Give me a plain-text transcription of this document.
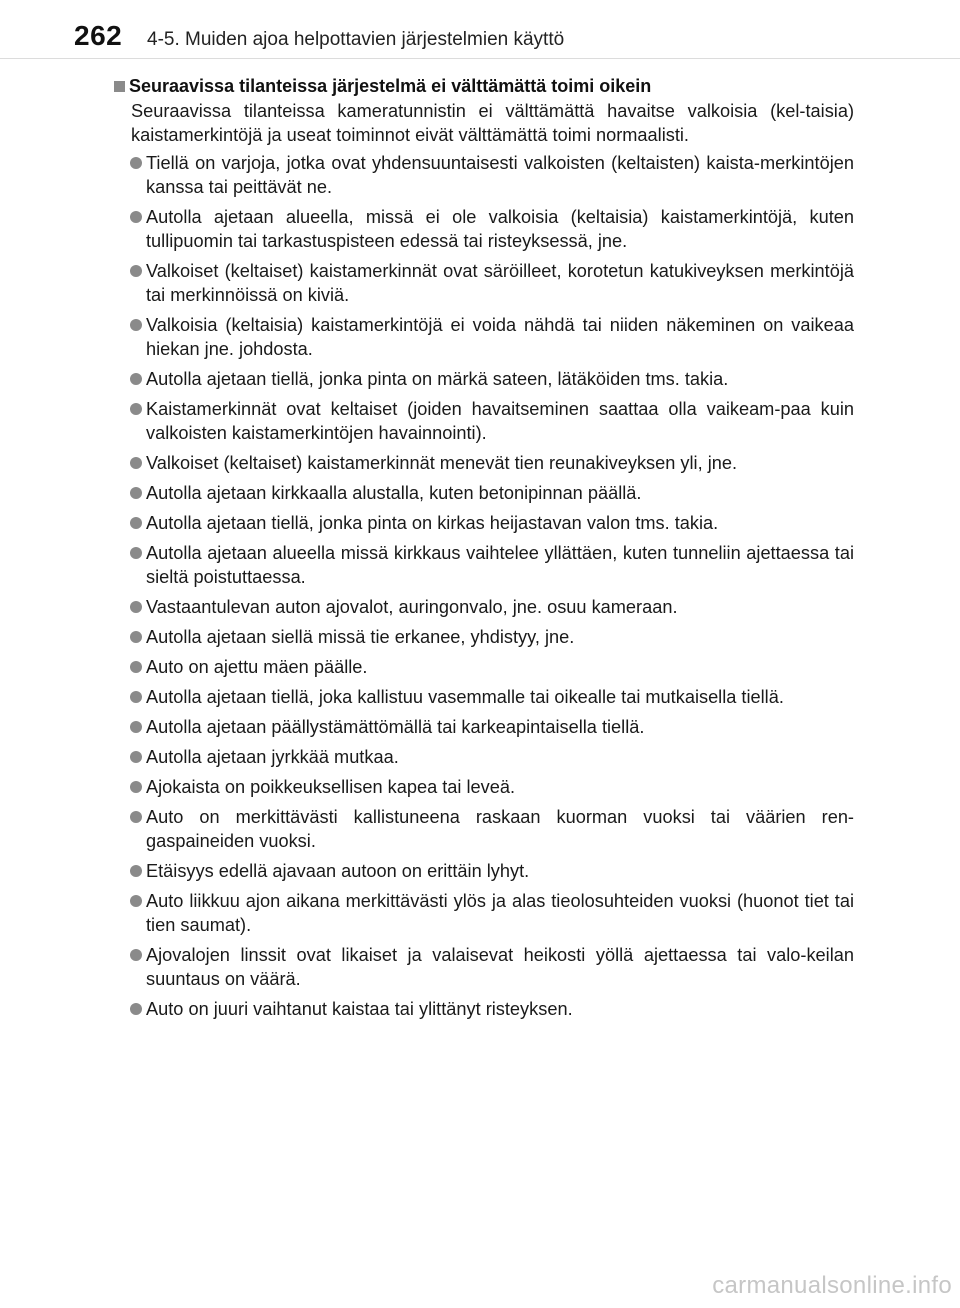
262 4-5. Muiden ajoa helpottavien järjestelmien käyttö
Seuraavissa tilanteissa järjestelmä ei välttämättä toimi oikein

Seuraavissa tilanteissa kameratunnistin ei välttämättä havaitse valkoisia (kel-taisia) kaistamerkintöjä ja useat toiminnot eivät välttämättä toimi normaalisti.

Tiellä on varjoja, jotka ovat yhdensuuntaisesti valkoisten (keltaisten) kaista-merkintöjen kanssa tai peittävät ne.
Autolla ajetaan alueella, missä ei ole valkoisia (keltaisia) kaistamerkintöjä, kuten tullipuomin tai tarkastuspisteen edessä tai risteyksessä, jne.
Valkoiset (keltaiset) kaistamerkinnät ovat säröilleet, korotetun katukiveyksen merkintöjä tai merkinnöissä on kiviä.
Valkoisia (keltaisia) kaistamerkintöjä ei voida nähdä tai niiden näkeminen on vaikeaa hiekan jne. johdosta.
Autolla ajetaan tiellä, jonka pinta on märkä sateen, lätäköiden tms. takia.
Kaistamerkinnät ovat keltaiset (joiden havaitseminen saattaa olla vaikeam-paa kuin valkoisten kaistamerkintöjen havainnointi).
Valkoiset (keltaiset) kaistamerkinnät menevät tien reunakiveyksen yli, jne.
Autolla ajetaan kirkkaalla alustalla, kuten betonipinnan päällä.
Autolla ajetaan tiellä, jonka pinta on kirkas heijastavan valon tms. takia.
Autolla ajetaan alueella missä kirkkaus vaihtelee yllättäen, kuten tunneliin ajettaessa tai sieltä poistuttaessa.
Vastaantulevan auton ajovalot, auringonvalo, jne. osuu kameraan.
Autolla ajetaan siellä missä tie erkanee, yhdistyy, jne.
Auto on ajettu mäen päälle.
Autolla ajetaan tiellä, joka kallistuu vasemmalle tai oikealle tai mutkaisella tiellä.
Autolla ajetaan päällystämättömällä tai karkeapintaisella tiellä.
Autolla ajetaan jyrkkää mutkaa.
Ajokaista on poikkeuksellisen kapea tai leveä.
Auto on merkittävästi kallistuneena raskaan kuorman vuoksi tai väärien ren-gaspaineiden vuoksi.
Etäisyys edellä ajavaan autoon on erittäin lyhyt.
Auto liikkuu ajon aikana merkittävästi ylös ja alas tieolosuhteiden vuoksi (huonot tiet tai tien saumat).
Ajovalojen linssit ovat likaiset ja valaisevat heikosti yöllä ajettaessa tai valo-keilan suuntaus on väärä.
Auto on juuri vaihtanut kaistaa tai ylittänyt risteyksen.
carmanualsonline.info
